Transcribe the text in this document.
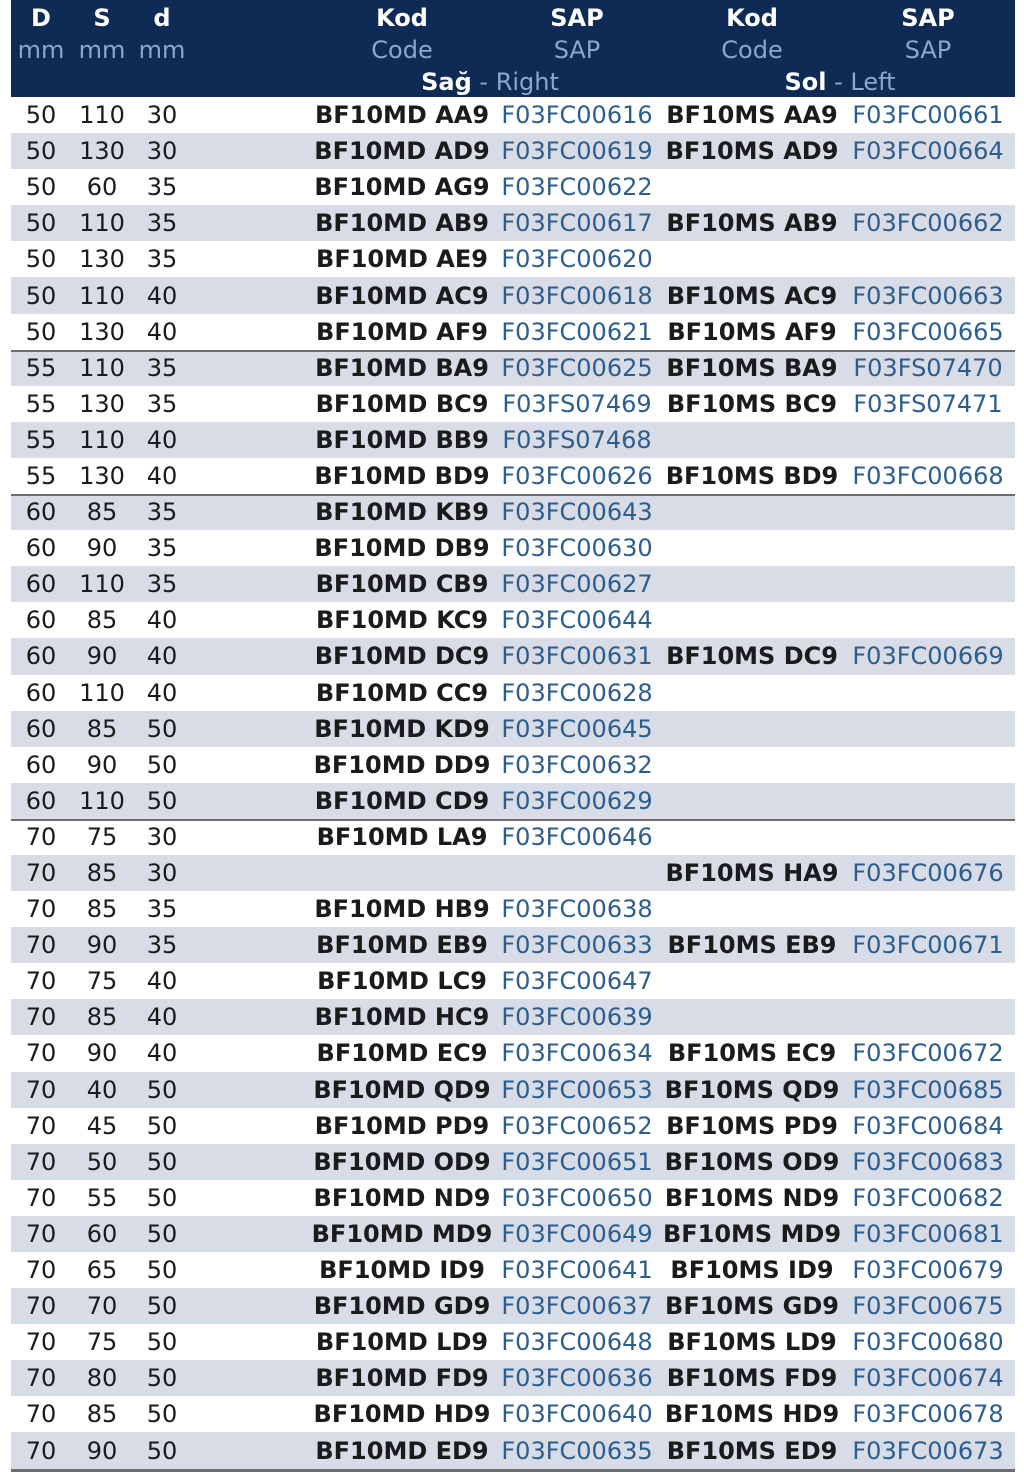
D S d
mm mm mm
Kod
Code
SAP
SAP
Kod
Code
SAP
SAP
Sağ - Right	Sol - Left
50 110 30	BF10MD AA9 F03FC00616 BF10MS AA9 F03FC00661
50 130 30	BF10MD AD9 F03FC00619 BF10MS AD9 F03FC00664
50 60 35	BF10MD AG9 F03FC00622
50 110 35	BF10MD AB9 F03FC00617 BF10MS AB9 F03FC00662
50 130 35	BF10MD AE9 F03FC00620
50 110 40	BF10MD AC9 F03FC00618 BF10MS AC9 F03FC00663
50 130 40	BF10MD AF9 F03FC00621 BF10MS AF9 F03FC00665
55 110 35	BF10MD BA9 F03FC00625 BF10MS BA9 F03FS07470
55 130 35	BF10MD BC9 F03FS07469 BF10MS BC9 F03FS07471
55 110 40	BF10MD BB9 F03FS07468
55 130 40	BF10MD BD9 F03FC00626 BF10MS BD9 F03FC00668
60 85 35	BF10MD KB9 F03FC00643
60 90 35	BF10MD DB9 F03FC00630
60 110 35	BF10MD CB9 F03FC00627
60 85 40	BF10MD KC9 F03FC00644
60 90 40	BF10MD DC9 F03FC00631 BF10MS DC9 F03FC00669
60 110 40	BF10MD CC9 F03FC00628
60 85 50	BF10MD KD9 F03FC00645
60 90 50	BF10MD DD9 F03FC00632
60 110 50	BF10MD CD9 F03FC00629
70 75 30	BF10MD LA9 F03FC00646
70 85 30	BF10MS HA9 F03FC00676
70 85 35	BF10MD HB9 F03FC00638
70 90 35	BF10MD EB9 F03FC00633 BF10MS EB9 F03FC00671
70 75 40	BF10MD LC9 F03FC00647
70 85 40	BF10MD HC9 F03FC00639
70 90 40	BF10MD EC9 F03FC00634 BF10MS EC9 F03FC00672
70 40 50	BF10MD QD9 F03FC00653 BF10MS QD9 F03FC00685
70 45 50	BF10MD PD9 F03FC00652 BF10MS PD9 F03FC00684
70 50 50	BF10MD OD9 F03FC00651 BF10MS OD9 F03FC00683
70 55 50	BF10MD ND9 F03FC00650 BF10MS ND9 F03FC00682
70 60 50	BF10MD MD9 F03FC00649 BF10MS MD9 F03FC00681
70 65 50	BF10MD ID9 F03FC00641 BF10MS ID9 F03FC00679
70 70 50	BF10MD GD9 F03FC00637 BF10MS GD9 F03FC00675
70 75 50	BF10MD LD9 F03FC00648 BF10MS LD9 F03FC00680
70 80 50	BF10MD FD9 F03FC00636 BF10MS FD9 F03FC00674
70 85 50	BF10MD HD9 F03FC00640 BF10MS HD9 F03FC00678
70 90 50	BF10MD ED9 F03FC00635 BF10MS ED9 F03FC00673
